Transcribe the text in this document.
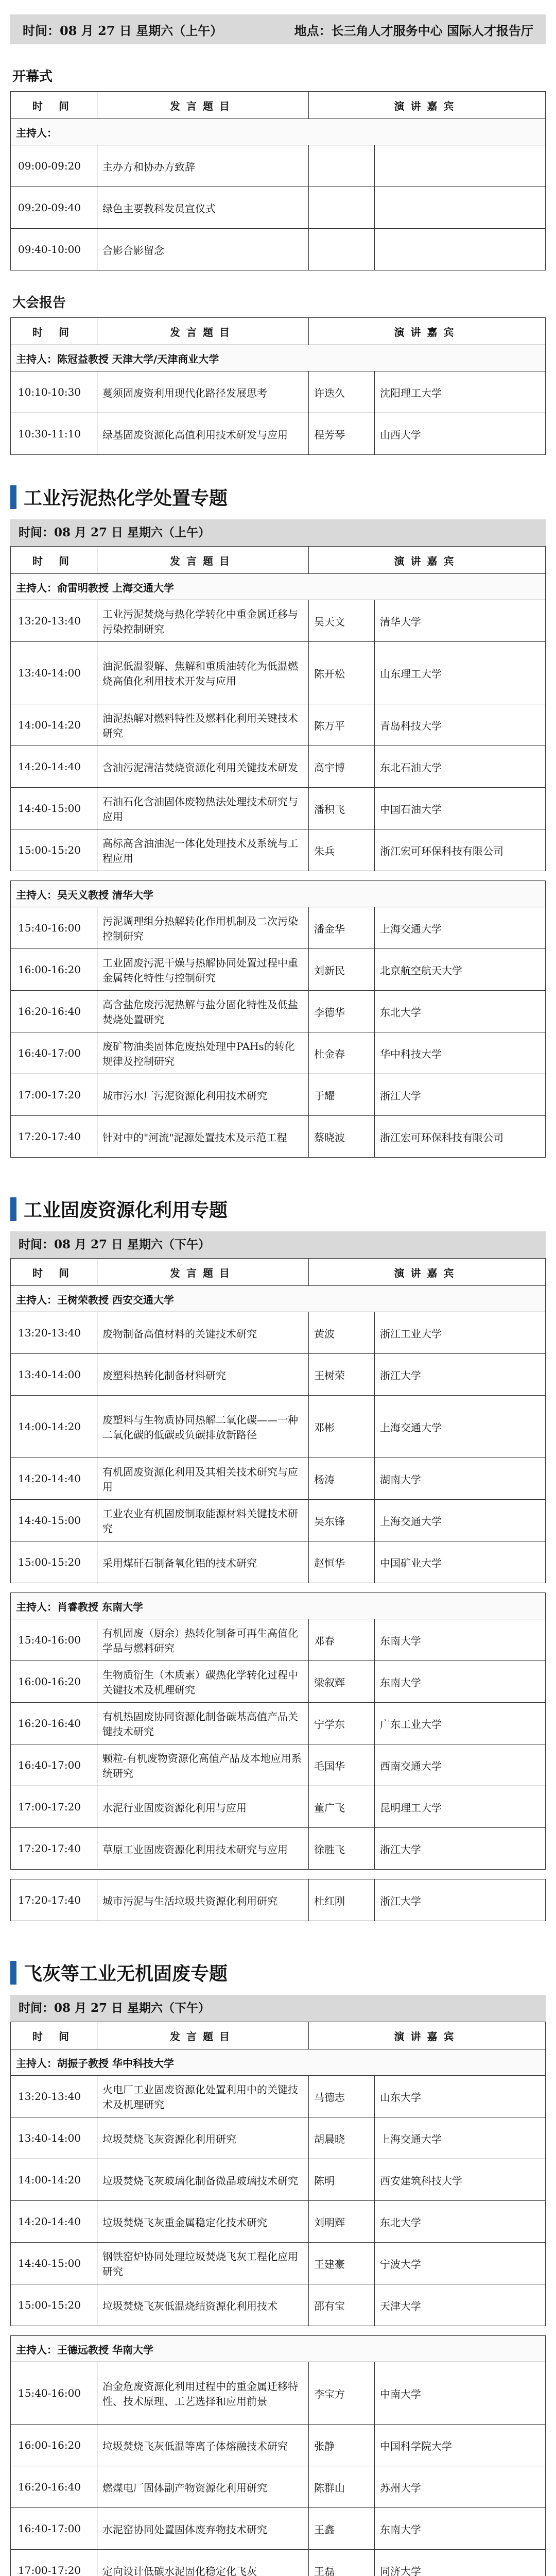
时间：08 月 27 日 星期六（上午）	地点：长三角人才服务中心 国际人才报告厅
开幕式
时 间	发言题目	演讲嘉宾	
主持人：			
09:00-09:20	主办方和协办方致辞		
09:20-09:40	绿色主要教科发员宣仪式		
09:40-10:00	合影合影留念		
大会报告
时 间	发言题目	演讲嘉宾	
主持人：陈冠益教授 天津大学/天津商业大学			
10:10-10:30	蔓须固废资利用现代化路径发展思考	许迭久	沈阳理工大学
10:30-11:10	绿基固废资源化高值利用技术研发与应用	程芳琴	山西大学
工业污泥热化学处置专题
时间：08 月 27 日 星期六（上午）
时 间	发言题目	演讲嘉宾	
主持人：俞雷明教授 上海交通大学			
13:20-13:40	工业污泥焚烧与热化学转化中重金属迁移与污染控制研究	吴天文	清华大学
13:40-14:00	油泥低温裂解、焦解和重质油转化为低温燃烧高值化利用技术开发与应用	陈开松	山东理工大学
14:00-14:20	油泥热解对燃料特性及燃料化利用关键技术研究	陈万平	青岛科技大学
14:20-14:40	含油污泥清洁焚烧资源化利用关键技术研发	高宇博	东北石油大学
14:40-15:00	石油石化含油固体废物热法处理技术研究与应用	潘积飞	中国石油大学
15:00-15:20	高标高含油油泥一体化处理技术及系统与工程应用	朱兵	浙江宏可环保科技有限公司
主持人：吴天义教授 清华大学			
15:40-16:00	污泥调理组分热解转化作用机制及二次污染控制研究	潘金华	上海交通大学
16:00-16:20	工业固废污泥干燥与热解协同处置过程中重金属转化特性与控制研究	刘新民	北京航空航天大学
16:20-16:40	高含盐危废污泥热解与盐分固化特性及低盐焚烧处置研究	李德华	东北大学
16:40-17:00	废矿物油类固体危废热处理中PAHs的转化规律及控制研究	杜金春	华中科技大学
17:00-17:20	城市污水厂污泥资源化利用技术研究	于耀	浙江大学
17:20-17:40	针对中的"河流"泥源处置技术及示范工程	蔡晓波	浙江宏可环保科技有限公司
工业固废资源化利用专题
时间：08 月 27 日 星期六（下午）
时 间	发言题目	演讲嘉宾	
主持人：王树荣教授 西安交通大学			
13:20-13:40	废物制备高值材料的关键技术研究	黄波	浙江工业大学
13:40-14:00	废塑料热转化制备材料研究	王树荣	浙江大学
14:00-14:20	废塑料与生物质协同热解二氧化碳——一种二氧化碳的低碳或负碳排放新路径	邓彬	上海交通大学
14:20-14:40	有机固废资源化利用及其相关技术研究与应用	杨涛	湖南大学
14:40-15:00	工业农业有机固废制取能源材料关键技术研究	吴东锋	上海交通大学
15:00-15:20	采用煤矸石制备氧化铝的技术研究	赵恒华	中国矿业大学
主持人：肖睿教授 东南大学			
15:40-16:00	有机固废（厨余）热转化制备可再生高值化学品与燃料研究	邓春	东南大学
16:00-16:20	生物质衍生（木质素）碳热化学转化过程中关键技术及机理研究	梁叙辉	东南大学
16:20-16:40	有机热固废协同资源化制备碳基高值产品关键技术研究	宁学东	广东工业大学
16:40-17:00	颗粒-有机废物资源化高值产品及本地应用系统研究	毛国华	西南交通大学
17:00-17:20	水泥行业固废资源化利用与应用	董广飞	昆明理工大学
17:20-17:40	草原工业固废资源化利用技术研究与应用	徐胜飞	浙江大学
17:20-17:40	城市污泥与生活垃圾共资源化利用研究	杜红刚	浙江大学
飞灰等工业无机固废专题
时间：08 月 27 日 星期六（下午）
时 间	发言题目	演讲嘉宾	
主持人：胡振子教授 华中科技大学			
13:20-13:40	火电厂工业固废资源化处置利用中的关键技术及机理研究	马德志	山东大学
13:40-14:00	垃圾焚烧飞灰资源化利用研究	胡晨晓	上海交通大学
14:00-14:20	垃圾焚烧飞灰玻璃化制备微晶玻璃技术研究	陈明	西安建筑科技大学
14:20-14:40	垃圾焚烧飞灰重金属稳定化技术研究	刘明辉	东北大学
14:40-15:00	钢铁窑炉协同处理垃圾焚烧飞灰工程化应用研究	王建豪	宁波大学
15:00-15:20	垃圾焚烧飞灰低温烧结资源化利用技术	邵有宝	天津大学
主持人：王德远教授 华南大学			
15:40-16:00	冶金危废资源化利用过程中的重金属迁移特性、技术原理、工艺选择和应用前景	李宝方	中南大学
16:00-16:20	垃圾焚烧飞灰低温等离子体熔融技术研究	张静	中国科学院大学
16:20-16:40	燃煤电厂固体副产物资源化利用研究	陈群山	苏州大学
16:40-17:00	水泥窑协同处置固体废弃物技术研究	王鑫	东南大学
17:00-17:20	定向设计低碳水泥固化稳定化飞灰	王磊	同济大学
